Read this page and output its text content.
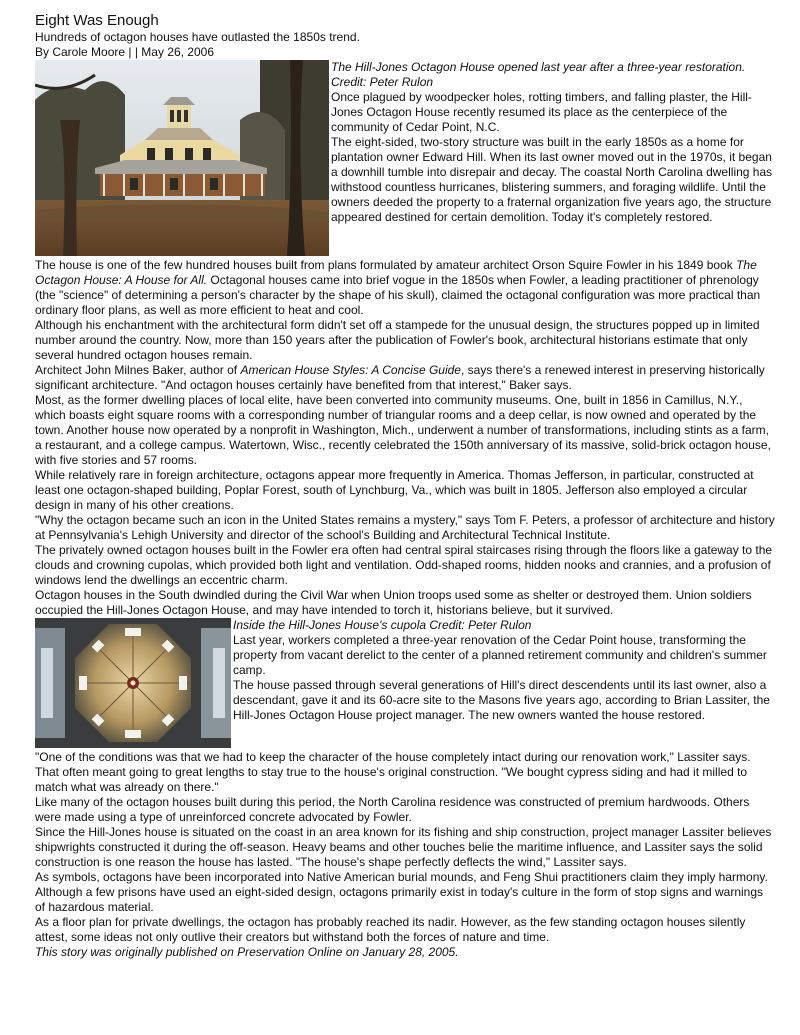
Eight Was Enough

Hundreds of octagon houses have outlasted the 1850s trend.

By Carole Moore | | May 26, 2006

The Hill-Jones Octagon House opened last year after a three-year restoration. Credit: Peter Rulon

Once plagued by woodpecker holes, rotting timbers, and falling plaster, the Hill-Jones Octagon House recently resumed its place as the centerpiece of the community of Cedar Point, N.C.

The eight-sided, two-story structure was built in the early 1850s as a home for plantation owner Edward Hill. When its last owner moved out in the 1970s, it began a downhill tumble into disrepair and decay. The coastal North Carolina dwelling has withstood countless hurricanes, blistering summers, and foraging wildlife. Until the owners deeded the property to a fraternal organization five years ago, the structure appeared destined for certain demolition. Today it's completely restored.

The house is one of the few hundred houses built from plans formulated by amateur architect Orson Squire Fowler in his 1849 book The Octagon House: A House for All. Octagonal houses came into brief vogue in the 1850s when Fowler, a leading practitioner of phrenology (the "science" of determining a person's character by the shape of his skull), claimed the octagonal configuration was more practical than ordinary floor plans, as well as more efficient to heat and cool.

Although his enchantment with the architectural form didn't set off a stampede for the unusual design, the structures popped up in limited number around the country. Now, more than 150 years after the publication of Fowler's book, architectural historians estimate that only several hundred octagon houses remain.

Architect John Milnes Baker, author of American House Styles: A Concise Guide, says there's a renewed interest in preserving historically significant architecture. "And octagon houses certainly have benefited from that interest," Baker says.

Most, as the former dwelling places of local elite, have been converted into community museums. One, built in 1856 in Camillus, N.Y., which boasts eight square rooms with a corresponding number of triangular rooms and a deep cellar, is now owned and operated by the town. Another house now operated by a nonprofit in Washington, Mich., underwent a number of transformations, including stints as a farm, a restaurant, and a college campus. Watertown, Wisc., recently celebrated the 150th anniversary of its massive, solid-brick octagon house, with five stories and 57 rooms.

While relatively rare in foreign architecture, octagons appear more frequently in America. Thomas Jefferson, in particular, constructed at least one octagon-shaped building, Poplar Forest, south of Lynchburg, Va., which was built in 1805. Jefferson also employed a circular design in many of his other creations.

"Why the octagon became such an icon in the United States remains a mystery," says Tom F. Peters, a professor of architecture and history at Pennsylvania's Lehigh University and director of the school's Building and Architectural Technical Institute.

The privately owned octagon houses built in the Fowler era often had central spiral staircases rising through the floors like a gateway to the clouds and crowning cupolas, which provided both light and ventilation. Odd-shaped rooms, hidden nooks and crannies, and a profusion of windows lend the dwellings an eccentric charm.

Octagon houses in the South dwindled during the Civil War when Union troops used some as shelter or destroyed them. Union soldiers occupied the Hill-Jones Octagon House, and may have intended to torch it, historians believe, but it survived.

Inside the Hill-Jones House's cupola Credit: Peter Rulon

Last year, workers completed a three-year renovation of the Cedar Point house, transforming the property from vacant derelict to the center of a planned retirement community and children's summer camp.

The house passed through several generations of Hill's direct descendents until its last owner, also a descendant, gave it and its 60-acre site to the Masons five years ago, according to Brian Lassiter, the Hill-Jones Octagon House project manager. The new owners wanted the house restored.

"One of the conditions was that we had to keep the character of the house completely intact during our renovation work," Lassiter says. That often meant going to great lengths to stay true to the house's original construction. "We bought cypress siding and had it milled to match what was already on there."

Like many of the octagon houses built during this period, the North Carolina residence was constructed of premium hardwoods. Others were made using a type of unreinforced concrete advocated by Fowler.

Since the Hill-Jones house is situated on the coast in an area known for its fishing and ship construction, project manager Lassiter believes shipwrights constructed it during the off-season. Heavy beams and other touches belie the maritime influence, and Lassiter says the solid construction is one reason the house has lasted. "The house's shape perfectly deflects the wind," Lassiter says.

As symbols, octagons have been incorporated into Native American burial mounds, and Feng Shui practitioners claim they imply harmony. Although a few prisons have used an eight-sided design, octagons primarily exist in today's culture in the form of stop signs and warnings of hazardous material.

As a floor plan for private dwellings, the octagon has probably reached its nadir. However, as the few standing octagon houses silently attest, some ideas not only outlive their creators but withstand both the forces of nature and time.

This story was originally published on Preservation Online on January 28, 2005.
